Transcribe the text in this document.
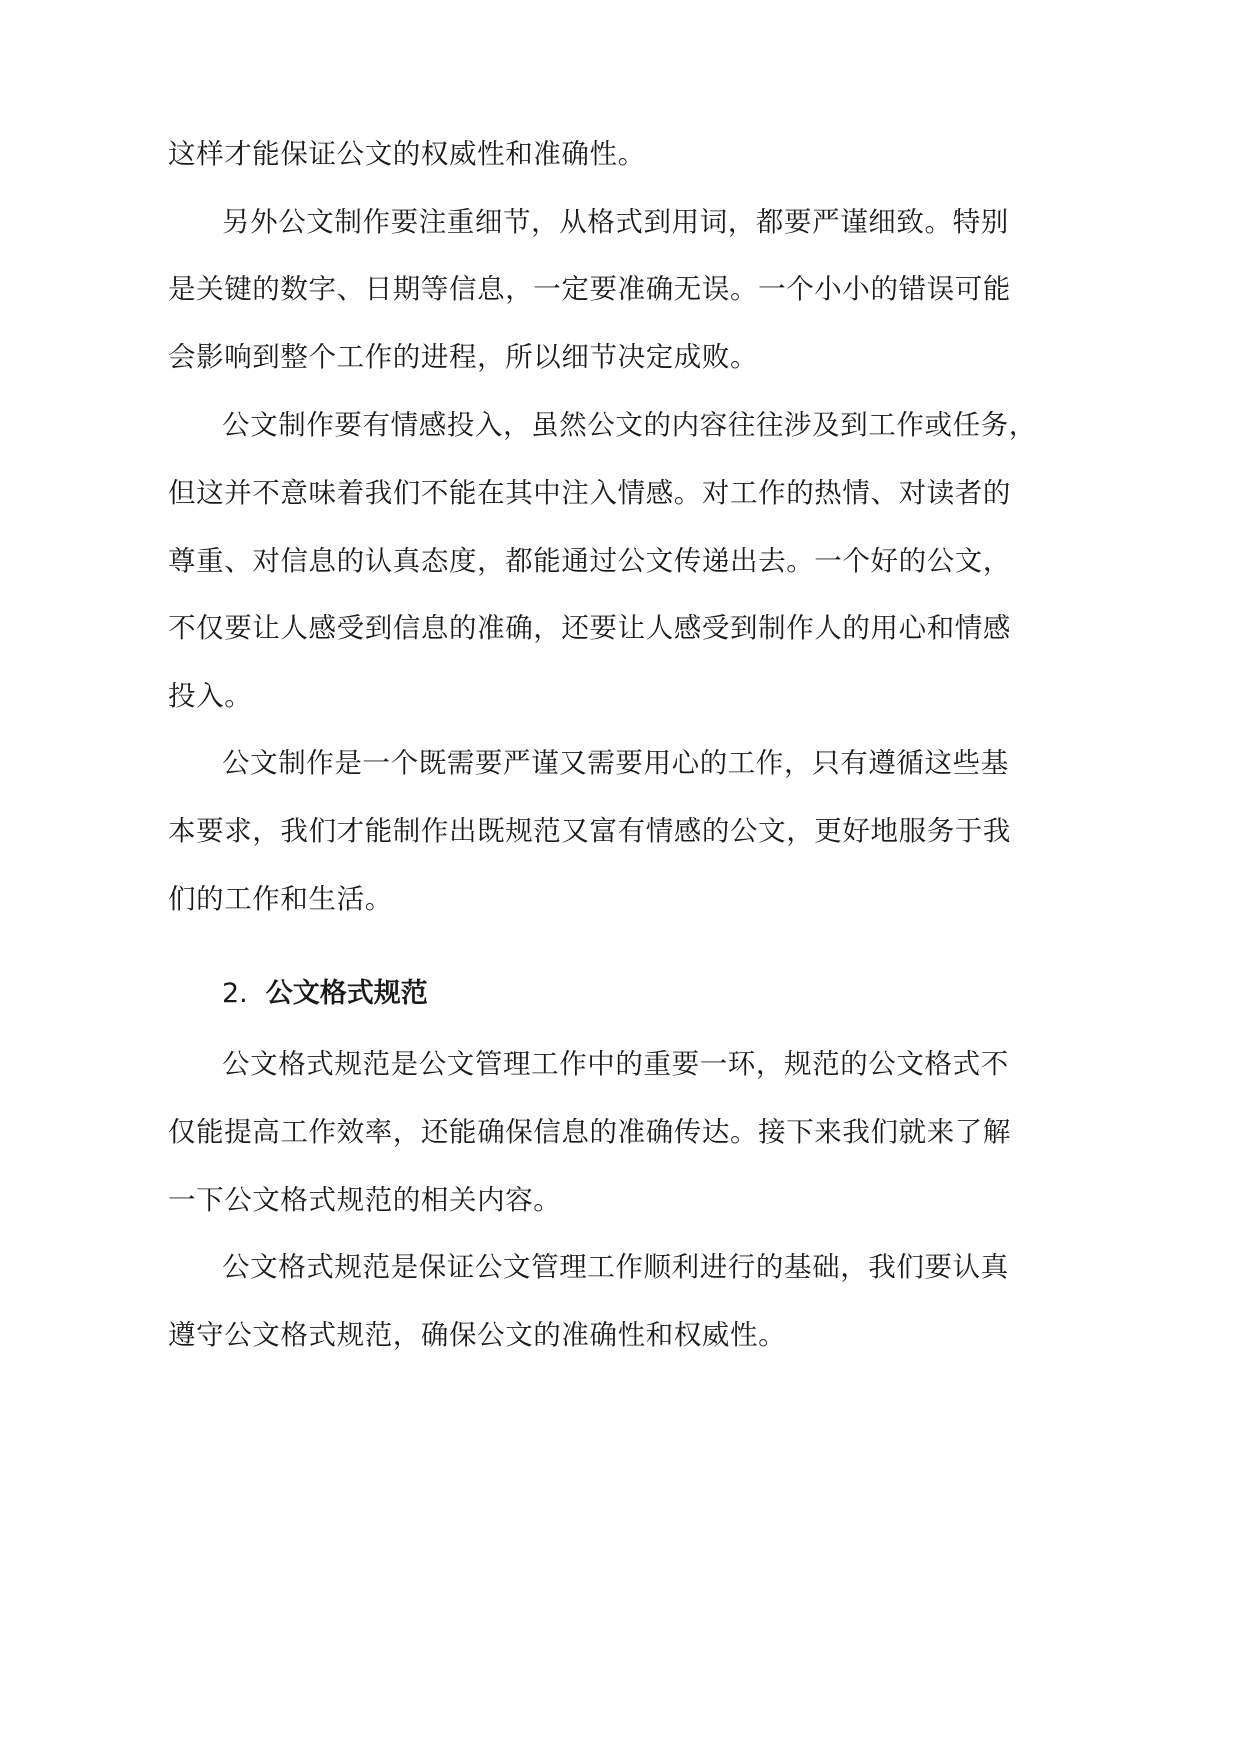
这样才能保证公文的权威性和准确性。
另外公文制作要注重细节，从格式到用词，都要严谨细致。特别
是关键的数字、日期等信息，一定要准确无误。一个小小的错误可能
会影响到整个工作的进程，所以细节决定成败。
公文制作要有情感投入，虽然公文的内容往往涉及到工作或任务，
但这并不意味着我们不能在其中注入情感。对工作的热情、对读者的
尊重、对信息的认真态度，都能通过公文传递出去。一个好的公文，
不仅要让人感受到信息的准确，还要让人感受到制作人的用心和情感
投入。
公文制作是一个既需要严谨又需要用心的工作，只有遵循这些基
本要求，我们才能制作出既规范又富有情感的公文，更好地服务于我
们的工作和生活。
2. 公文格式规范
公文格式规范是公文管理工作中的重要一环，规范的公文格式不
仅能提高工作效率，还能确保信息的准确传达。接下来我们就来了解
一下公文格式规范的相关内容。
公文格式规范是保证公文管理工作顺利进行的基础，我们要认真
遵守公文格式规范，确保公文的准确性和权威性。
